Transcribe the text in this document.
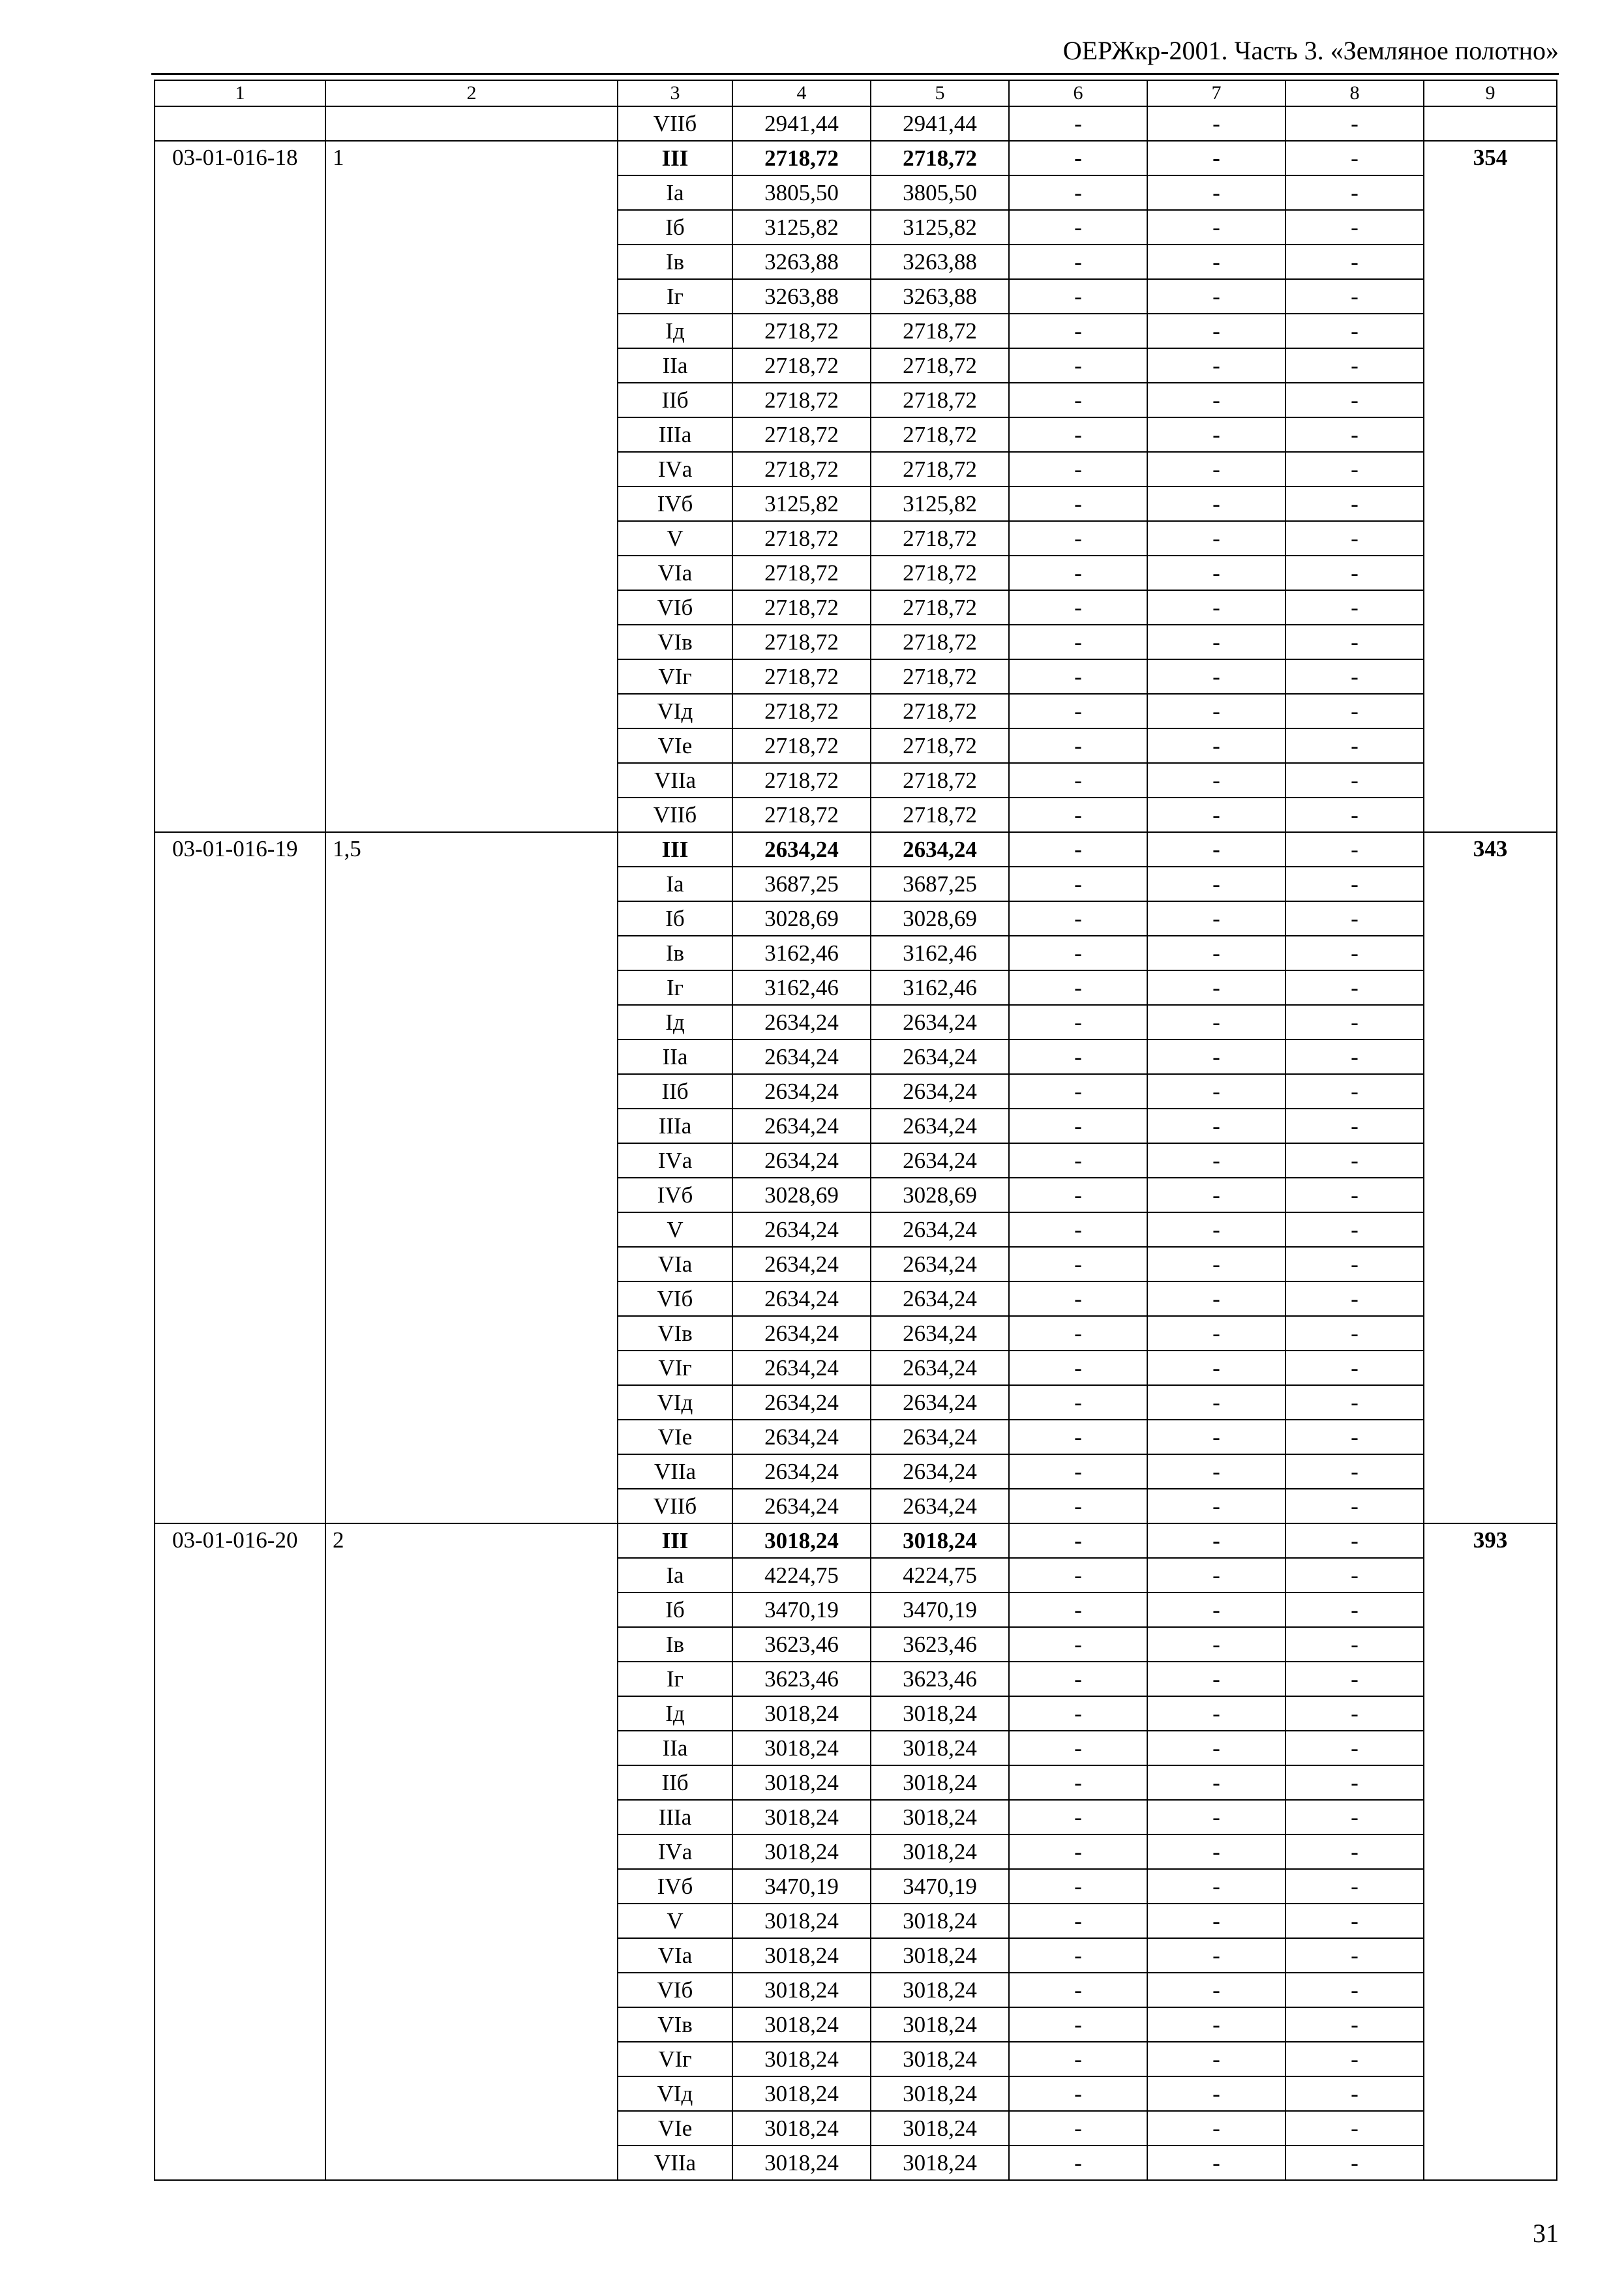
ОЕРЖкр-2001. Часть 3. «Земляное полотно»
1	2	3	4	5	6	7	8	9
		VIIб	2941,44	2941,44	-	-	-	
03-01-016-18	1	III	2718,72	2718,72	-	-	-	354
		Iа	3805,50	3805,50	-	-	-	
		Iб	3125,82	3125,82	-	-	-	
		Iв	3263,88	3263,88	-	-	-	
		Iг	3263,88	3263,88	-	-	-	
		Iд	2718,72	2718,72	-	-	-	
		IIа	2718,72	2718,72	-	-	-	
		IIб	2718,72	2718,72	-	-	-	
		IIIа	2718,72	2718,72	-	-	-	
		IVа	2718,72	2718,72	-	-	-	
		IVб	3125,82	3125,82	-	-	-	
		V	2718,72	2718,72	-	-	-	
		VIа	2718,72	2718,72	-	-	-	
		VIб	2718,72	2718,72	-	-	-	
		VIв	2718,72	2718,72	-	-	-	
		VIг	2718,72	2718,72	-	-	-	
		VIд	2718,72	2718,72	-	-	-	
		VIе	2718,72	2718,72	-	-	-	
		VIIа	2718,72	2718,72	-	-	-	
		VIIб	2718,72	2718,72	-	-	-	
03-01-016-19	1,5	III	2634,24	2634,24	-	-	-	343
		Iа	3687,25	3687,25	-	-	-	
		Iб	3028,69	3028,69	-	-	-	
		Iв	3162,46	3162,46	-	-	-	
		Iг	3162,46	3162,46	-	-	-	
		Iд	2634,24	2634,24	-	-	-	
		IIа	2634,24	2634,24	-	-	-	
		IIб	2634,24	2634,24	-	-	-	
		IIIа	2634,24	2634,24	-	-	-	
		IVа	2634,24	2634,24	-	-	-	
		IVб	3028,69	3028,69	-	-	-	
		V	2634,24	2634,24	-	-	-	
		VIа	2634,24	2634,24	-	-	-	
		VIб	2634,24	2634,24	-	-	-	
		VIв	2634,24	2634,24	-	-	-	
		VIг	2634,24	2634,24	-	-	-	
		VIд	2634,24	2634,24	-	-	-	
		VIе	2634,24	2634,24	-	-	-	
		VIIа	2634,24	2634,24	-	-	-	
		VIIб	2634,24	2634,24	-	-	-	
03-01-016-20	2	III	3018,24	3018,24	-	-	-	393
		Iа	4224,75	4224,75	-	-	-	
		Iб	3470,19	3470,19	-	-	-	
		Iв	3623,46	3623,46	-	-	-	
		Iг	3623,46	3623,46	-	-	-	
		Iд	3018,24	3018,24	-	-	-	
		IIа	3018,24	3018,24	-	-	-	
		IIб	3018,24	3018,24	-	-	-	
		IIIа	3018,24	3018,24	-	-	-	
		IVа	3018,24	3018,24	-	-	-	
		IVб	3470,19	3470,19	-	-	-	
		V	3018,24	3018,24	-	-	-	
		VIа	3018,24	3018,24	-	-	-	
		VIб	3018,24	3018,24	-	-	-	
		VIв	3018,24	3018,24	-	-	-	
		VIг	3018,24	3018,24	-	-	-	
		VIд	3018,24	3018,24	-	-	-	
		VIе	3018,24	3018,24	-	-	-	
		VIIа	3018,24	3018,24	-	-	-	
31
